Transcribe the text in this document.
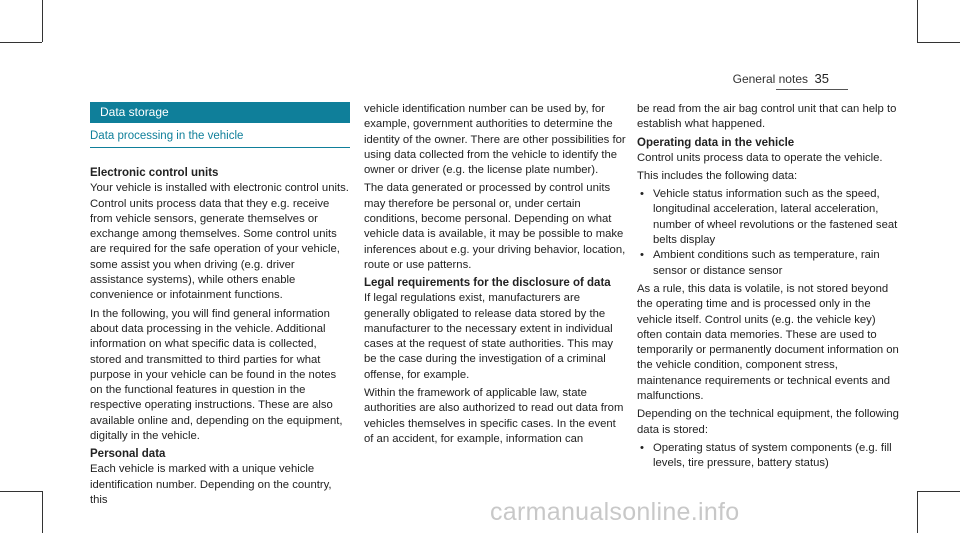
General notes 35
Data storage
Data processing in the vehicle
Electronic control units

Your vehicle is installed with electronic control units. Control units process data that they e.g. receive from vehicle sensors, generate themselves or exchange among themselves. Some control units are required for the safe operation of your vehicle, some assist you when driving (e.g. driver assistance systems), while others enable convenience or infotainment functions.

In the following, you will find general information about data processing in the vehicle. Additional information on what specific data is collected, stored and transmitted to third parties for what purpose in your vehicle can be found in the notes on the functional features in question in the respective operating instructions. These are also available online and, depending on the equipment, digitally in the vehicle.

Personal data

Each vehicle is marked with a unique vehicle identification number. Depending on the country, this

vehicle identification number can be used by, for example, government authorities to determine the identity of the owner. There are other possibilities for using data collected from the vehicle to identify the owner or driver (e.g. the license plate number).

The data generated or processed by control units may therefore be personal or, under certain conditions, become personal. Depending on what vehicle data is available, it may be possible to make inferences about e.g. your driving behavior, location, route or use patterns.

Legal requirements for the disclosure of data

If legal regulations exist, manufacturers are generally obligated to release data stored by the manufacturer to the necessary extent in individual cases at the request of state authorities. This may be the case during the investigation of a criminal offense, for example.

Within the framework of applicable law, state authorities are also authorized to read out data from vehicles themselves in specific cases. In the event of an accident, for example, information can

be read from the air bag control unit that can help to establish what happened.

Operating data in the vehicle

Control units process data to operate the vehicle.

This includes the following data:

• Vehicle status information such as the speed, longitudinal acceleration, lateral acceleration, number of wheel revolutions or the fastened seat belts display
• Ambient conditions such as temperature, rain sensor or distance sensor

As a rule, this data is volatile, is not stored beyond the operating time and is processed only in the vehicle itself. Control units (e.g. the vehicle key) often contain data memories. These are used to temporarily or permanently document information on the vehicle condition, component stress, maintenance requirements or technical events and malfunctions.

Depending on the technical equipment, the following data is stored:

• Operating status of system components (e.g. fill levels, tire pressure, battery status)
carmanualsonline.info
